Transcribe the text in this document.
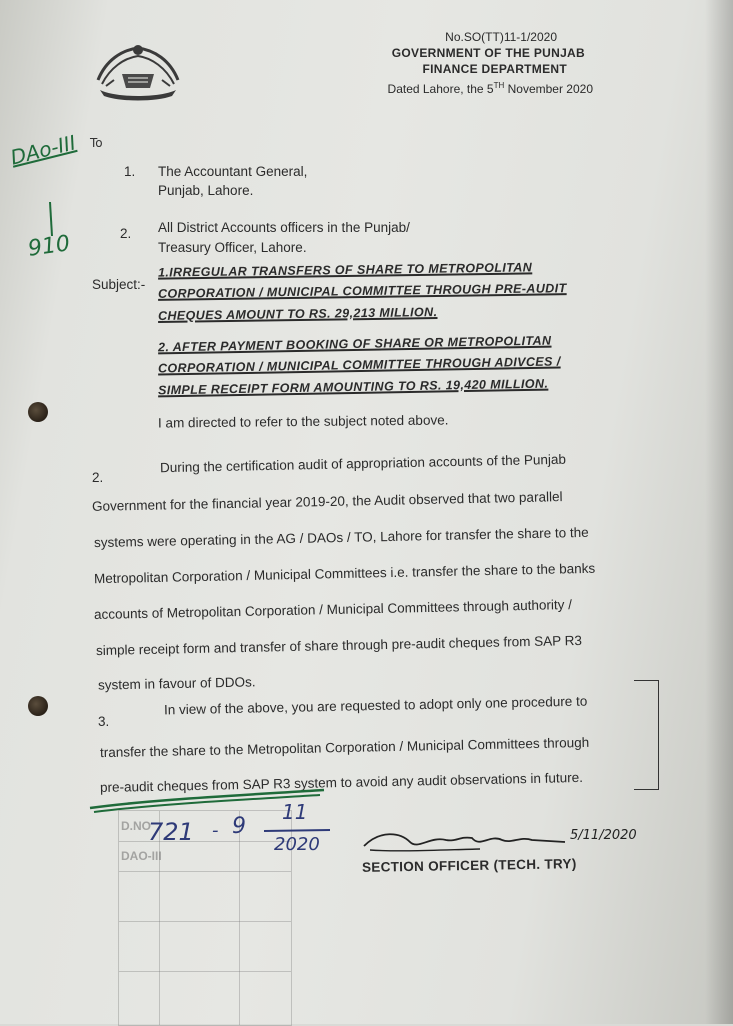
No.SO(TT)11-1/2020
GOVERNMENT OF THE PUNJAB
FINANCE DEPARTMENT
Dated Lahore, the 5TH November 2020
DAo-III To
910
1. The Accountant General,
Punjab, Lahore.
2. All District Accounts officers in the Punjab/
Treasury Officer, Lahore.
Subject:-
1.IRREGULAR TRANSFERS OF SHARE TO METROPOLITAN
CORPORATION / MUNICIPAL COMMITTEE THROUGH PRE-AUDIT
CHEQUES AMOUNT TO RS. 29,213 MILLION.
2. AFTER PAYMENT BOOKING OF SHARE OR METROPOLITAN
CORPORATION / MUNICIPAL COMMITTEE THROUGH ADIVCES /
SIMPLE RECEIPT FORM AMOUNTING TO RS. 19,420 MILLION.
I am directed to refer to the subject noted above.
2.
During the certification audit of appropriation accounts of the Punjab
Government for the financial year 2019-20, the Audit observed that two parallel
systems were operating in the AG / DAOs / TO, Lahore for transfer the share to the
Metropolitan Corporation / Municipal Committees i.e. transfer the share to the banks
accounts of Metropolitan Corporation / Municipal Committees through authority /
simple receipt form and transfer of share through pre-audit cheques from SAP R3
system in favour of DDOs.
3.
In view of the above, you are requested to adopt only one procedure to
transfer the share to the Metropolitan Corporation / Municipal Committees through
pre-audit cheques from SAP R3 system to avoid any audit observations in future.
D.NO
DAO-III
721 - 9
11
2020	5/11/2020
SECTION OFFICER (TECH. TRY)
